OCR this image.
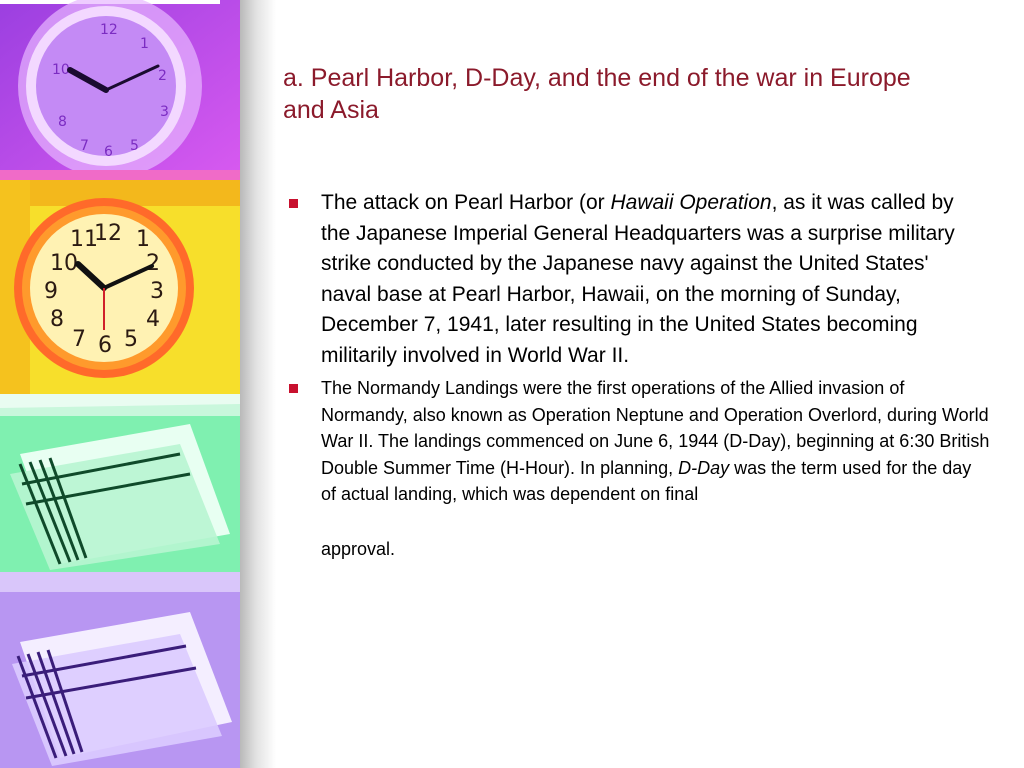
12
1
2
3
8
7 6 5
10
12
11 1
10	2
9	3
8	4
7 6 5
a. Pearl Harbor, D-Day, and the end of the war in Europe and Asia
The attack on Pearl Harbor (or Hawaii Operation, as it was called by the Japanese Imperial General Headquarters was a surprise military strike conducted by the Japanese navy against the United States' naval base at Pearl Harbor, Hawaii, on the morning of Sunday, December 7, 1941, later resulting in the United States becoming militarily involved in World War II.
The Normandy Landings were the first operations of the Allied invasion of Normandy, also known as Operation Neptune and Operation Overlord, during World War II. The landings commenced on June 6, 1944 (D-Day), beginning at 6:30 British Double Summer Time (H-Hour). In planning, D-Day was the term used for the day of actual landing, which was dependent on final
approval.
